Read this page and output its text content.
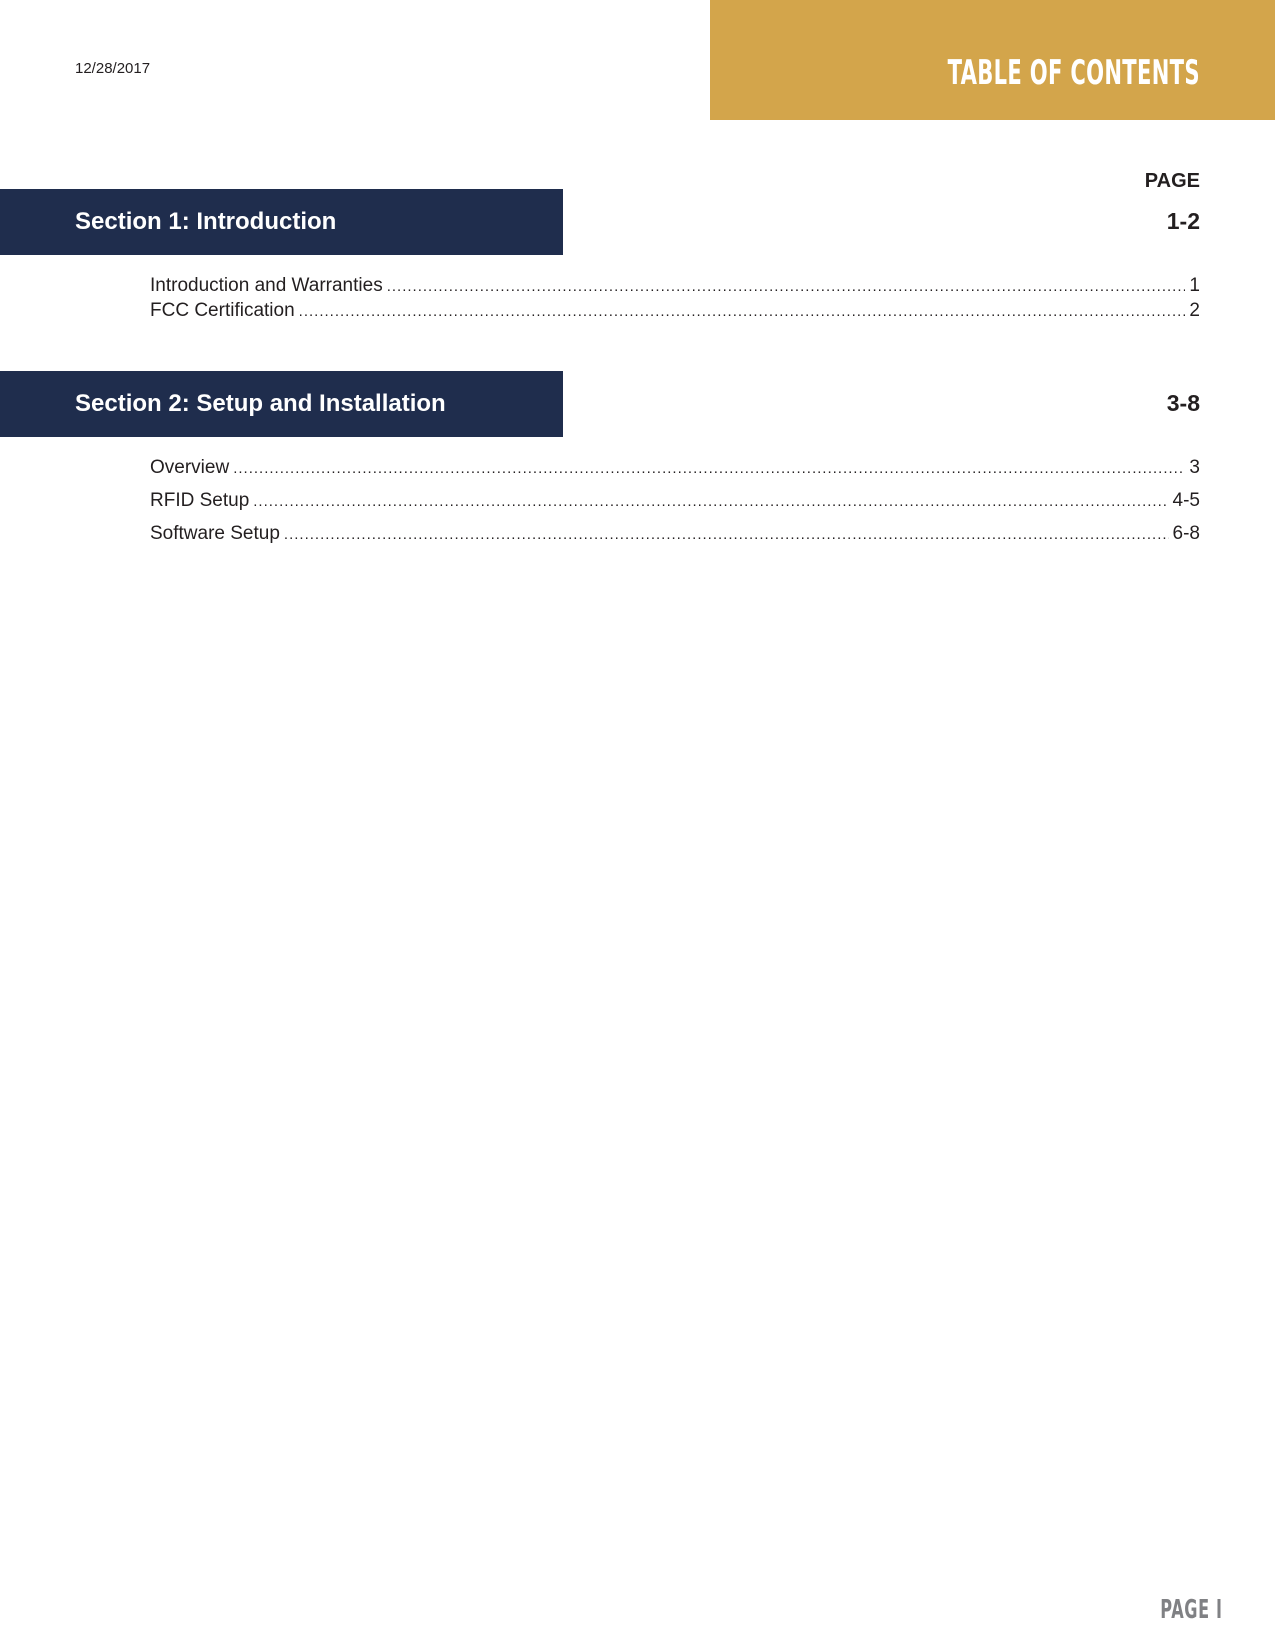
12/28/2017	TABLE OF CONTENTS
PAGE
Section 1: Introduction	1-2
Introduction and Warranties .....	1
FCC Certification .....	2
Section 2: Setup and Installation	3-8
Overview .....	3
RFID Setup .....	4-5
Software Setup .....	6-8
PAGE I
